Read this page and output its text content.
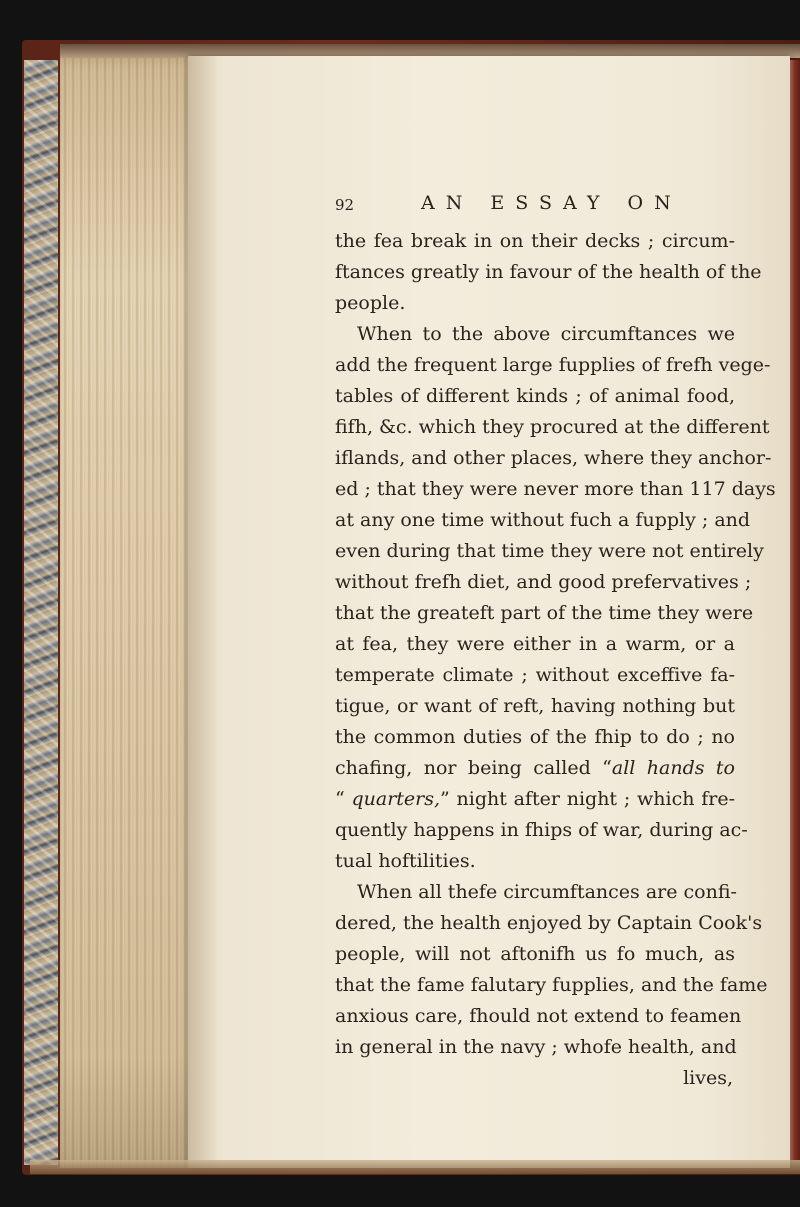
92	AN ESSAY ON
the fea break in on their decks ; circum-
ftances greatly in favour of the health of the
people.
When to the above circumftances we
add the frequent large fupplies of frefh vege-
tables of different kinds ; of animal food,
fifh, &c. which they procured at the different
iflands, and other places, where they anchor-
ed ; that they were never more than 117 days
at any one time without fuch a fupply ; and
even during that time they were not entirely
without frefh diet, and good prefervatives ;
that the greateft part of the time they were
at fea, they were either in a warm, or a
temperate climate ; without exceffive fa-
tigue, or want of reft, having nothing but
the common duties of the fhip to do ; no
chafing, nor being called “all hands to
“ quarters,” night after night ; which fre-
quently happens in fhips of war, during ac-
tual hoftilities.
When all thefe circumftances are confi-
dered, the health enjoyed by Captain Cook's
people, will not aftonifh us fo much, as
that the fame falutary fupplies, and the fame
anxious care, fhould not extend to feamen
in general in the navy ; whofe health, and
lives,
